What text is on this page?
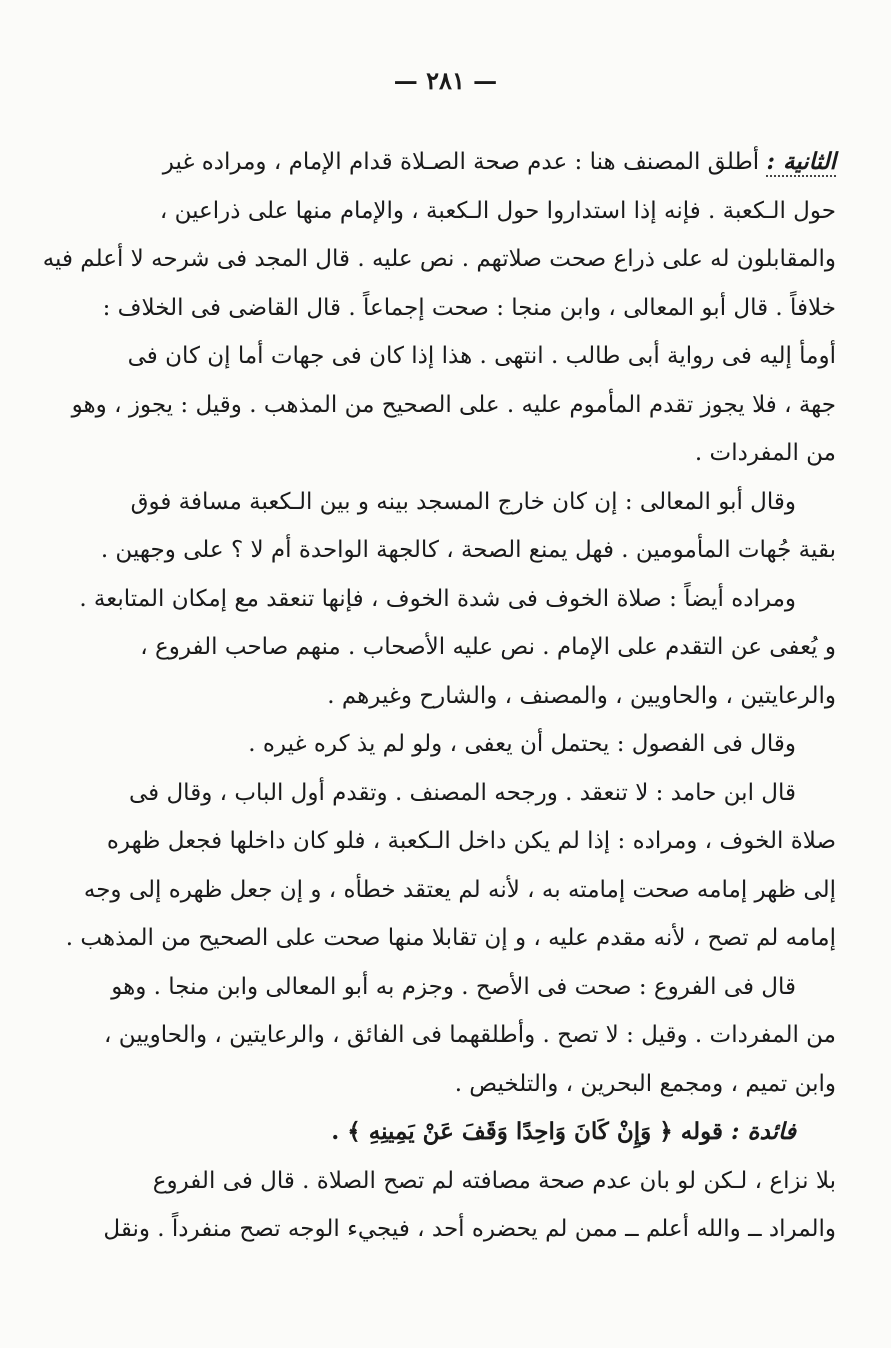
— ٢٨١ —
الثانية : أطلق المصنف هنا : عدم صحة الصـلاة قدام الإمام ، ومراده غير
حول الـكعبة . فإنه إذا استداروا حول الـكعبة ، والإمام منها على ذراعين ،
والمقابلون له على ذراع صحت صلاتهم . نص عليه . قال المجد فى شرحه لا أعلم فيه
خلافاً . قال أبو المعالى ، وابن منجا : صحت إجماعاً . قال القاضى فى الخلاف :
أومأ إليه فى رواية أبى طالب . انتهى . هذا إذا كان فى جهات أما إن كان فى
جهة ، فلا يجوز تقدم المأموم عليه . على الصحيح من المذهب . وقيل : يجوز ، وهو
من المفردات .
وقال أبو المعالى : إن كان خارج المسجد بينه و بين الـكعبة مسافة فوق
بقية جُهات المأمومين . فهل يمنع الصحة ، كالجهة الواحدة أم لا ؟ على وجهين .
ومراده أيضاً : صلاة الخوف فى شدة الخوف ، فإنها تنعقد مع إمكان المتابعة .
و يُعفى عن التقدم على الإمام . نص عليه الأصحاب . منهم صاحب الفروع ،
والرعايتين ، والحاويين ، والمصنف ، والشارح وغيرهم .
وقال فى الفصول : يحتمل أن يعفى ، ولو لم يذ كره غيره .
قال ابن حامد : لا تنعقد . ورجحه المصنف . وتقدم أول الباب ، وقال فى
صلاة الخوف ، ومراده : إذا لم يكن داخل الـكعبة ، فلو كان داخلها فجعل ظهره
إلى ظهر إمامه صحت إمامته به ، لأنه لم يعتقد خطأه ، و إن جعل ظهره إلى وجه
إمامه لم تصح ، لأنه مقدم عليه ، و إن تقابلا منها صحت على الصحيح من المذهب .
قال فى الفروع : صحت فى الأصح . وجزم به أبو المعالى وابن منجا . وهو
من المفردات . وقيل : لا تصح . وأطلقهما فى الفائق ، والرعايتين ، والحاويين ،
وابن تميم ، ومجمع البحرين ، والتلخيص .
فائدة : قوله ﴿ وَإِنْ كَانَ وَاحِدًا وَقَفَ عَنْ يَمِينِهِ ﴾ .
بلا نزاع ، لـكن لو بان عدم صحة مصافته لم تصح الصلاة . قال فى الفروع
والمراد ــ والله أعلم ــ ممن لم يحضره أحد ، فيجيء الوجه تصح منفرداً . ونقل
